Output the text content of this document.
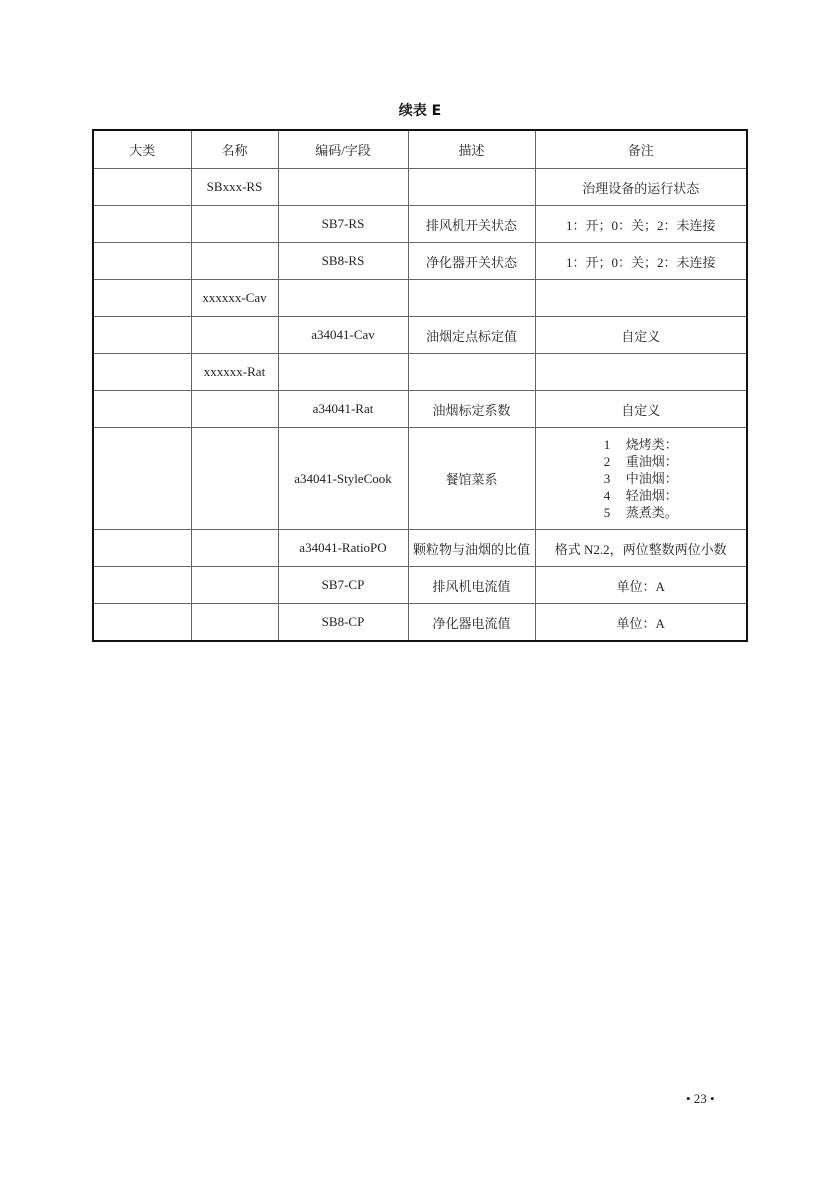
续表 E
大类	名称	编码/字段	描述	备注
	SBxxx-RS			治理设备的运行状态
		SB7-RS	排风机开关状态	1：开；0：关；2：未连接
		SB8-RS	净化器开关状态	1：开；0：关；2：未连接
	xxxxxx-Cav			
		a34041-Cav	油烟定点标定值	自定义
	xxxxxx-Rat			
		a34041-Rat	油烟标定系数	自定义
		a34041-StyleCook	餐馆菜系	1 烧烤类：
2 重油烟：
3 中油烟：
4 轻油烟：
5 蒸煮类。

		a34041-RatioPO	颗粒物与油烟的比值	格式 N2.2，两位整数两位小数
		SB7-CP	排风机电流值	单位：A
		SB8-CP	净化器电流值	单位：A
• 23 •
